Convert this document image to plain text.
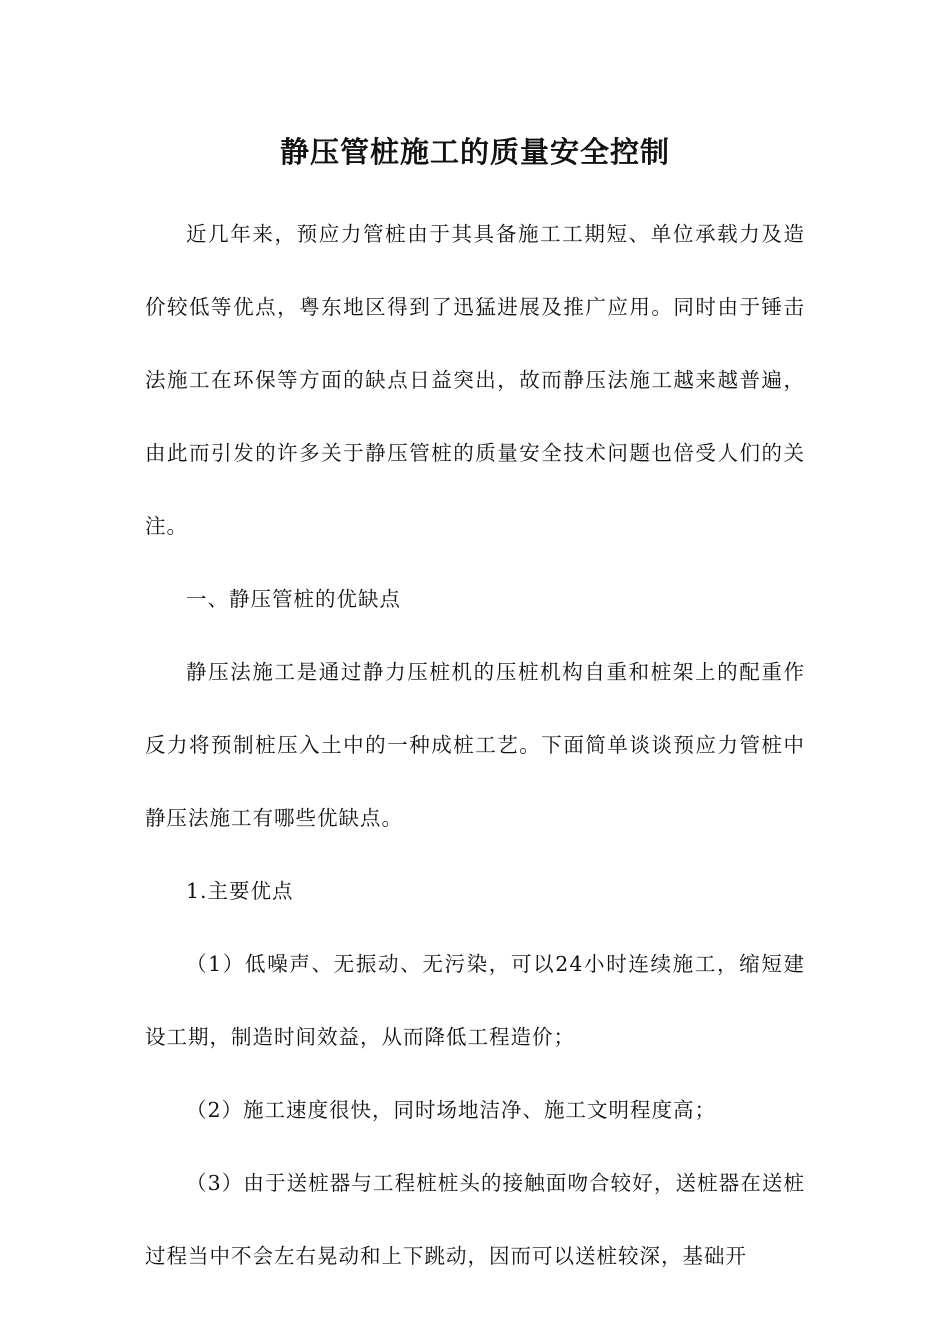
静压管桩施工的质量安全控制

近几年来，预应力管桩由于其具备施工工期短、单位承载力及造价较低等优点，粤东地区得到了迅猛进展及推广应用。同时由于锤击法施工在环保等方面的缺点日益突出，故而静压法施工越来越普遍，由此而引发的许多关于静压管桩的质量安全技术问题也倍受人们的关注。

一、静压管桩的优缺点

静压法施工是通过静力压桩机的压桩机构自重和桩架上的配重作反力将预制桩压入土中的一种成桩工艺。下面简单谈谈预应力管桩中静压法施工有哪些优缺点。

1.主要优点

（1）低噪声、无振动、无污染，可以24小时连续施工，缩短建设工期，制造时间效益，从而降低工程造价；

（2）施工速度很快，同时场地洁净、施工文明程度高；

（3）由于送桩器与工程桩桩头的接触面吻合较好，送桩器在送桩过程当中不会左右晃动和上下跳动，因而可以送桩较深，基础开
